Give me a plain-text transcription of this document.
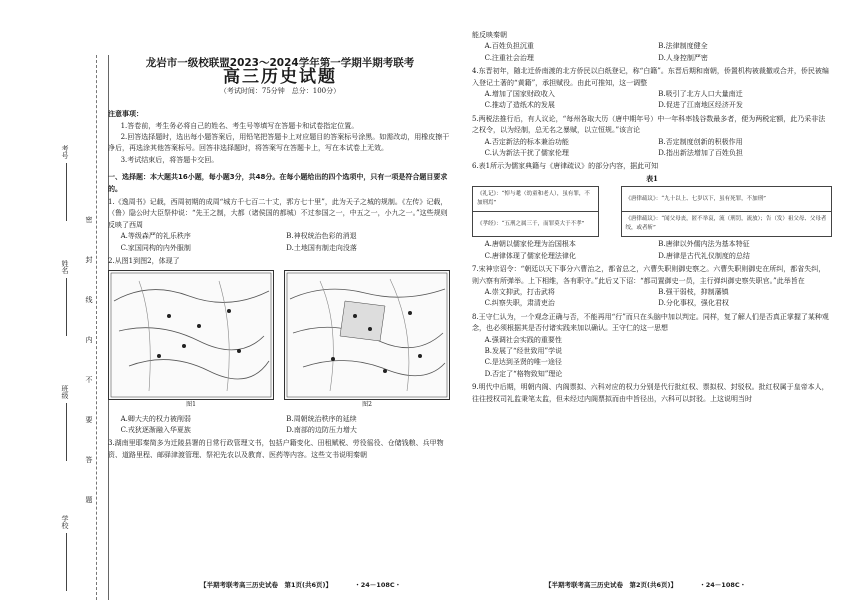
考号
姓名
班级
学校
密
封
线
内
不
要
答
题
龙岩市一级校联盟2023～2024学年第一学期半期考联考
高三历史试题
（考试时间：75分钟　总分：100分）
注意事项：
1.答卷前，考生务必将自己的姓名、考生号等填写在答题卡和试卷指定位置。
2.回答选择题时，选出每小题答案后，用铅笔把答题卡上对应题目的答案标号涂黑。如需改动，用橡皮擦干净后，再选涂其他答案标号。回答非选择题时，将答案写在答题卡上，写在本试卷上无效。
3.考试结束后，将答题卡交回。
一、选择题：本大题共16小题，每小题3分，共48分。在每小题给出的四个选项中，只有一项是符合题目要求的。
1.《逸周书》记载，西周初期的成周“城方千七百二十丈，郛方七十里”，此为天子之城的规制。《左传》记载，（鲁）隐公时大臣祭仲说：“先王之制，大都（诸侯国的都城）不过参国之一，中五之一，小九之一。”这些规则反映了西周
A.等级森严的礼乐秩序	B.神权统治色彩的消退
C.家国同构的内外服制	D.土地国有制走向没落
2.从图1到图2，体现了
图1	图2
A.卿大夫的权力被削弱	B.周朝统治秩序的延续
C.戎狄逐渐融入华夏族	D.南部的边防压力增大
3.湖南里耶秦简多为迁陵县署的日常行政管理文书，包括户籍变化、田租赋税、劳役徭役、仓储钱粮、兵甲物资、道路里程、邮驿津渡管理、祭祀先农以及教育、医药等内容。这些文书说明秦朝
【半期考联考高三历史试卷　第1页(共6页)】	・24－108C・
能反映秦朝
A.百姓负担沉重	B.法律制度健全
C.注重社会治理	D.人身控制严密
4.东晋初年，随北迁侨南渡的北方侨民以白纸登记，称“白籍”。东晋后期和南朝，侨置机构被裁撤或合并，侨民被编入登记土著的“黄籍”，承担赋役。由此可推知，这一调整
A.增加了国家财政收入	B.吸引了北方人口大量南迁
C.推动了造纸术的发展	D.促进了江南地区经济开发
5.两税法推行后，有人议论，“每州各取大历（唐中期年号）中一年科率钱谷数最多者，便为两税定额，此乃采非法之权令，以为经制，总无名之暴赋，以立恒规。”该言论
A.否定新法的标本兼治功能	B.否定制度创新的积极作用
C.认为新法干扰了儒家伦理	D.指出新法增加了百姓负担
6.表1所示为儒家典籍与《唐律疏议》的部分内容，据此可知
表1
《礼记》：“悼与耄（幼童和老人），虽有罪，不加刑焉”		《唐律疏议》：“九十以上、七岁以下，虽有死罪，不加刑”
《孝经》：“五刑之属三千，而罪莫大于不孝”		《唐律疏议》：“闻父母丧，匿不举哀，流（刑罚，流放）；告（发）祖父母、父母者绞，或者斩”
A.唐朝以儒家伦理为治国根本	B.唐律以外儒内法为基本特征
C.唐律体现了儒家伦理法律化	D.唐律是古代礼仪制度的总结
7.宋神宗诏令：“朝廷以天下事分六曹治之，都省总之，六曹失职则御史察之。六曹失职则御史在所纠，都省失纠，则六察有所弹举。上下相维，各有职守。”此后又下诏：“都司置御史一员，主行弹纠御史察失职官。”此举旨在
A.崇文抑武，打击武将	B.强干弱枝，抑制藩镇
C.纠察失职，肃清吏治	D.分化事权，强化君权
8.王守仁认为，一个观念正确与否，不能再用“行”而只在头脑中加以判定。同样，复了解人们是否真正掌握了某种观念，也必须根据其是否付诸实践来加以确认。王守仁的这一思想
A.强调社会实践的重要性
B.发展了“经世致用”学说
C.是达到圣贤的唯一途径
D.否定了“格物致知”理论
9.明代中后期，明朝内阁、内阁票拟、六科对应的权力分别是代行批红权、票拟权、封驳权。批红权属于皇帝本人，往往授权司礼监秉笔太监，但未经过内阁票拟而由中旨径出，六科可以封驳。上这说明当时
【半期考联考高三历史试卷　第2页(共6页)】	・24－108C・
